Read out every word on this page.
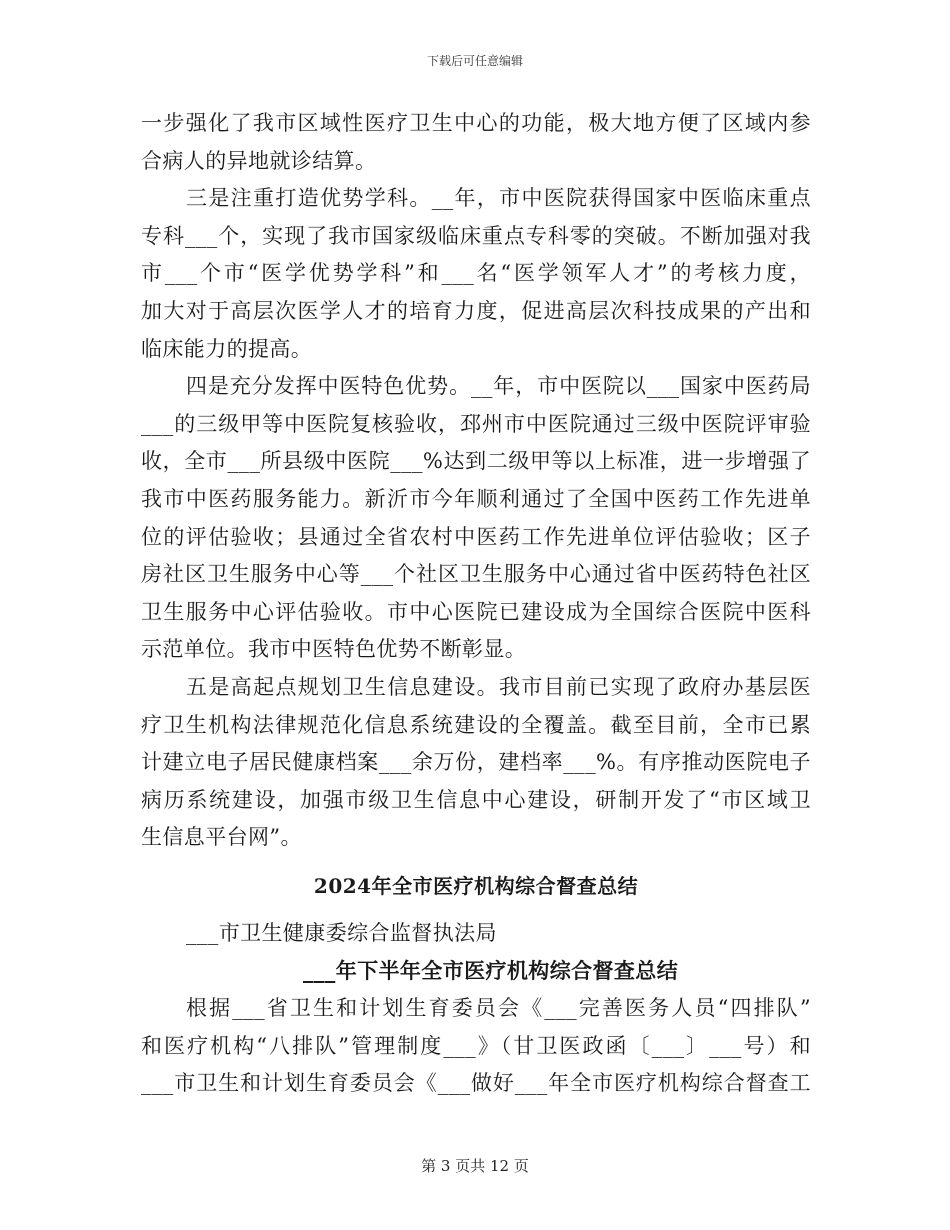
下载后可任意编辑
一步强化了我市区域性医疗卫生中心的功能，极大地方便了区域内参
合病人的异地就诊结算。
三是注重打造优势学科。__年，市中医院获得国家中医临床重点
专科___个，实现了我市国家级临床重点专科零的突破。不断加强对我
市___个市“医学优势学科”和___名“医学领军人才”的考核力度，
加大对于高层次医学人才的培育力度，促进高层次科技成果的产出和
临床能力的提高。
四是充分发挥中医特色优势。__年，市中医院以___国家中医药局
___的三级甲等中医院复核验收，邳州市中医院通过三级中医院评审验
收，全市___所县级中医院___%达到二级甲等以上标准，进一步增强了
我市中医药服务能力。新沂市今年顺利通过了全国中医药工作先进单
位的评估验收；县通过全省农村中医药工作先进单位评估验收；区子
房社区卫生服务中心等___个社区卫生服务中心通过省中医药特色社区
卫生服务中心评估验收。市中心医院已建设成为全国综合医院中医科
示范单位。我市中医特色优势不断彰显。
五是高起点规划卫生信息建设。我市目前已实现了政府办基层医
疗卫生机构法律规范化信息系统建设的全覆盖。截至目前，全市已累
计建立电子居民健康档案___余万份，建档率___%。有序推动医院电子
病历系统建设，加强市级卫生信息中心建设，研制开发了“市区域卫
生信息平台网”。
2024年全市医疗机构综合督查总结
___市卫生健康委综合监督执法局
___年下半年全市医疗机构综合督查总结
根据___省卫生和计划生育委员会《___完善医务人员“四排队”
和医疗机构“八排队”管理制度___》（甘卫医政函〔___〕___号）和
___市卫生和计划生育委员会《___做好___年全市医疗机构综合督查工
第 3 页共 12 页
